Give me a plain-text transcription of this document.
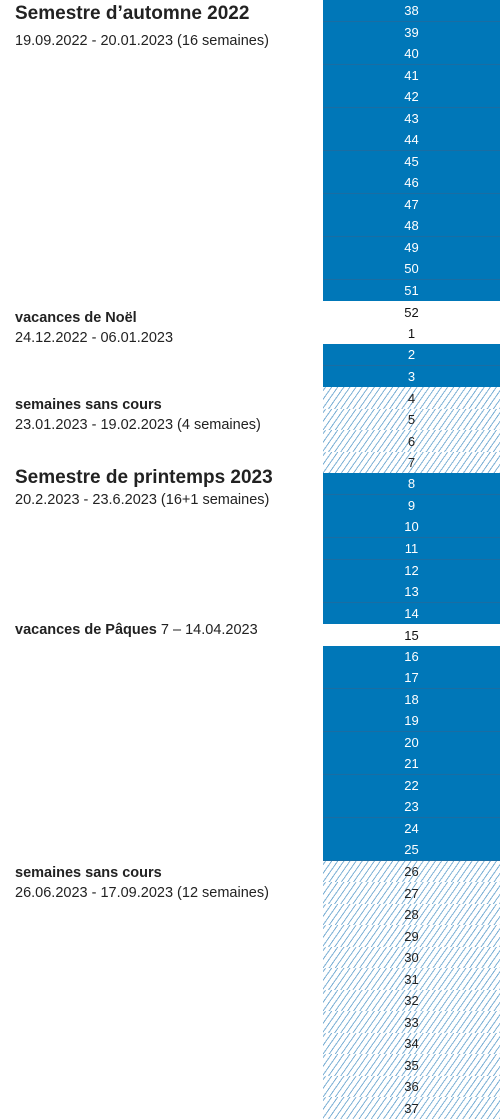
Semestre d’automne 2022
19.09.2022 - 20.01.2023 (16 semaines)
vacances de Noël
24.12.2022 - 06.01.2023
semaines sans cours
23.01.2023 - 19.02.2023 (4 semaines)
Semestre de printemps 2023
20.2.2023 - 23.6.2023 (16+1 semaines)
vacances de Pâques 7 – 14.04.2023
semaines sans cours
26.06.2023 - 17.09.2023 (12 semaines)
38
39
40
41
42
43
44
45
46
47
48
49
50
51
52
1
2
3
4
5
6
7
8
9
10
11
12
13
14
15
16
17
18
19
20
21
22
23
24
25
26
27
28
29
30
31
32
33
34
35
36
37
